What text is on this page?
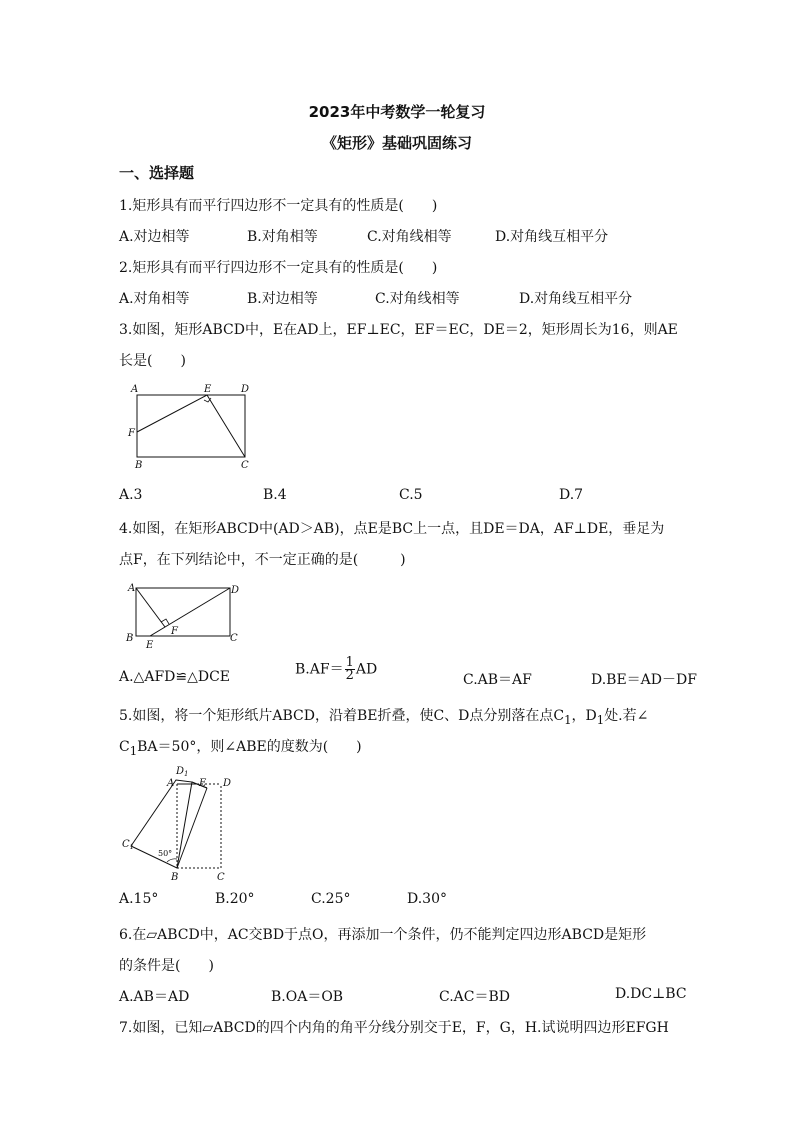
2023年中考数学一轮复习
《矩形》基础巩固练习
一、选择题
1.矩形具有而平行四边形不一定具有的性质是(　　)
A.对边相等	B.对角相等	C.对角线相等	D.对角线互相平分
2.矩形具有而平行四边形不一定具有的性质是(　　)
A.对角相等	B.对边相等	C.对角线相等	D.对角线互相平分
3.如图，矩形ABCD中，E在AD上，EF⊥EC，EF＝EC，DE＝2，矩形周长为16，则AE
长是(　　)
A	E	D
F
B	C
A.3	B.4	C.5	D.7
4.如图，在矩形ABCD中(AD＞AB)，点E是BC上一点，且DE＝DA，AF⊥DE，垂足为
点F，在下列结论中，不一定正确的是(　　　)
A	D
B
E
F
C
A.△AFD≌△DCE	$B.AF= \frac{1}{2}$ AD
C.AB＝AF	D.BE＝AD－DF
5.如图，将一个矩形纸片ABCD，沿着BE折叠，使C、D点分别落在点$C_1$，$D_1$处.若∠
$C_1BA=50^\circ$，则∠ABE的度数为(　　)
$D_1$
A E D
$C_1$
50°
B	C
A.15°	B.20°	C.25°	D.30°
6.在▱ABCD中，AC交BD于点O，再添加一个条件，仍不能判定四边形ABCD是矩形
的条件是(　　)
A.AB＝AD	B.OA＝OB	C.AC＝BD	D.DC⊥BC
7.如图，已知▱ABCD的四个内角的角平分线分别交于E，F，G，H.试说明四边形EFGH
